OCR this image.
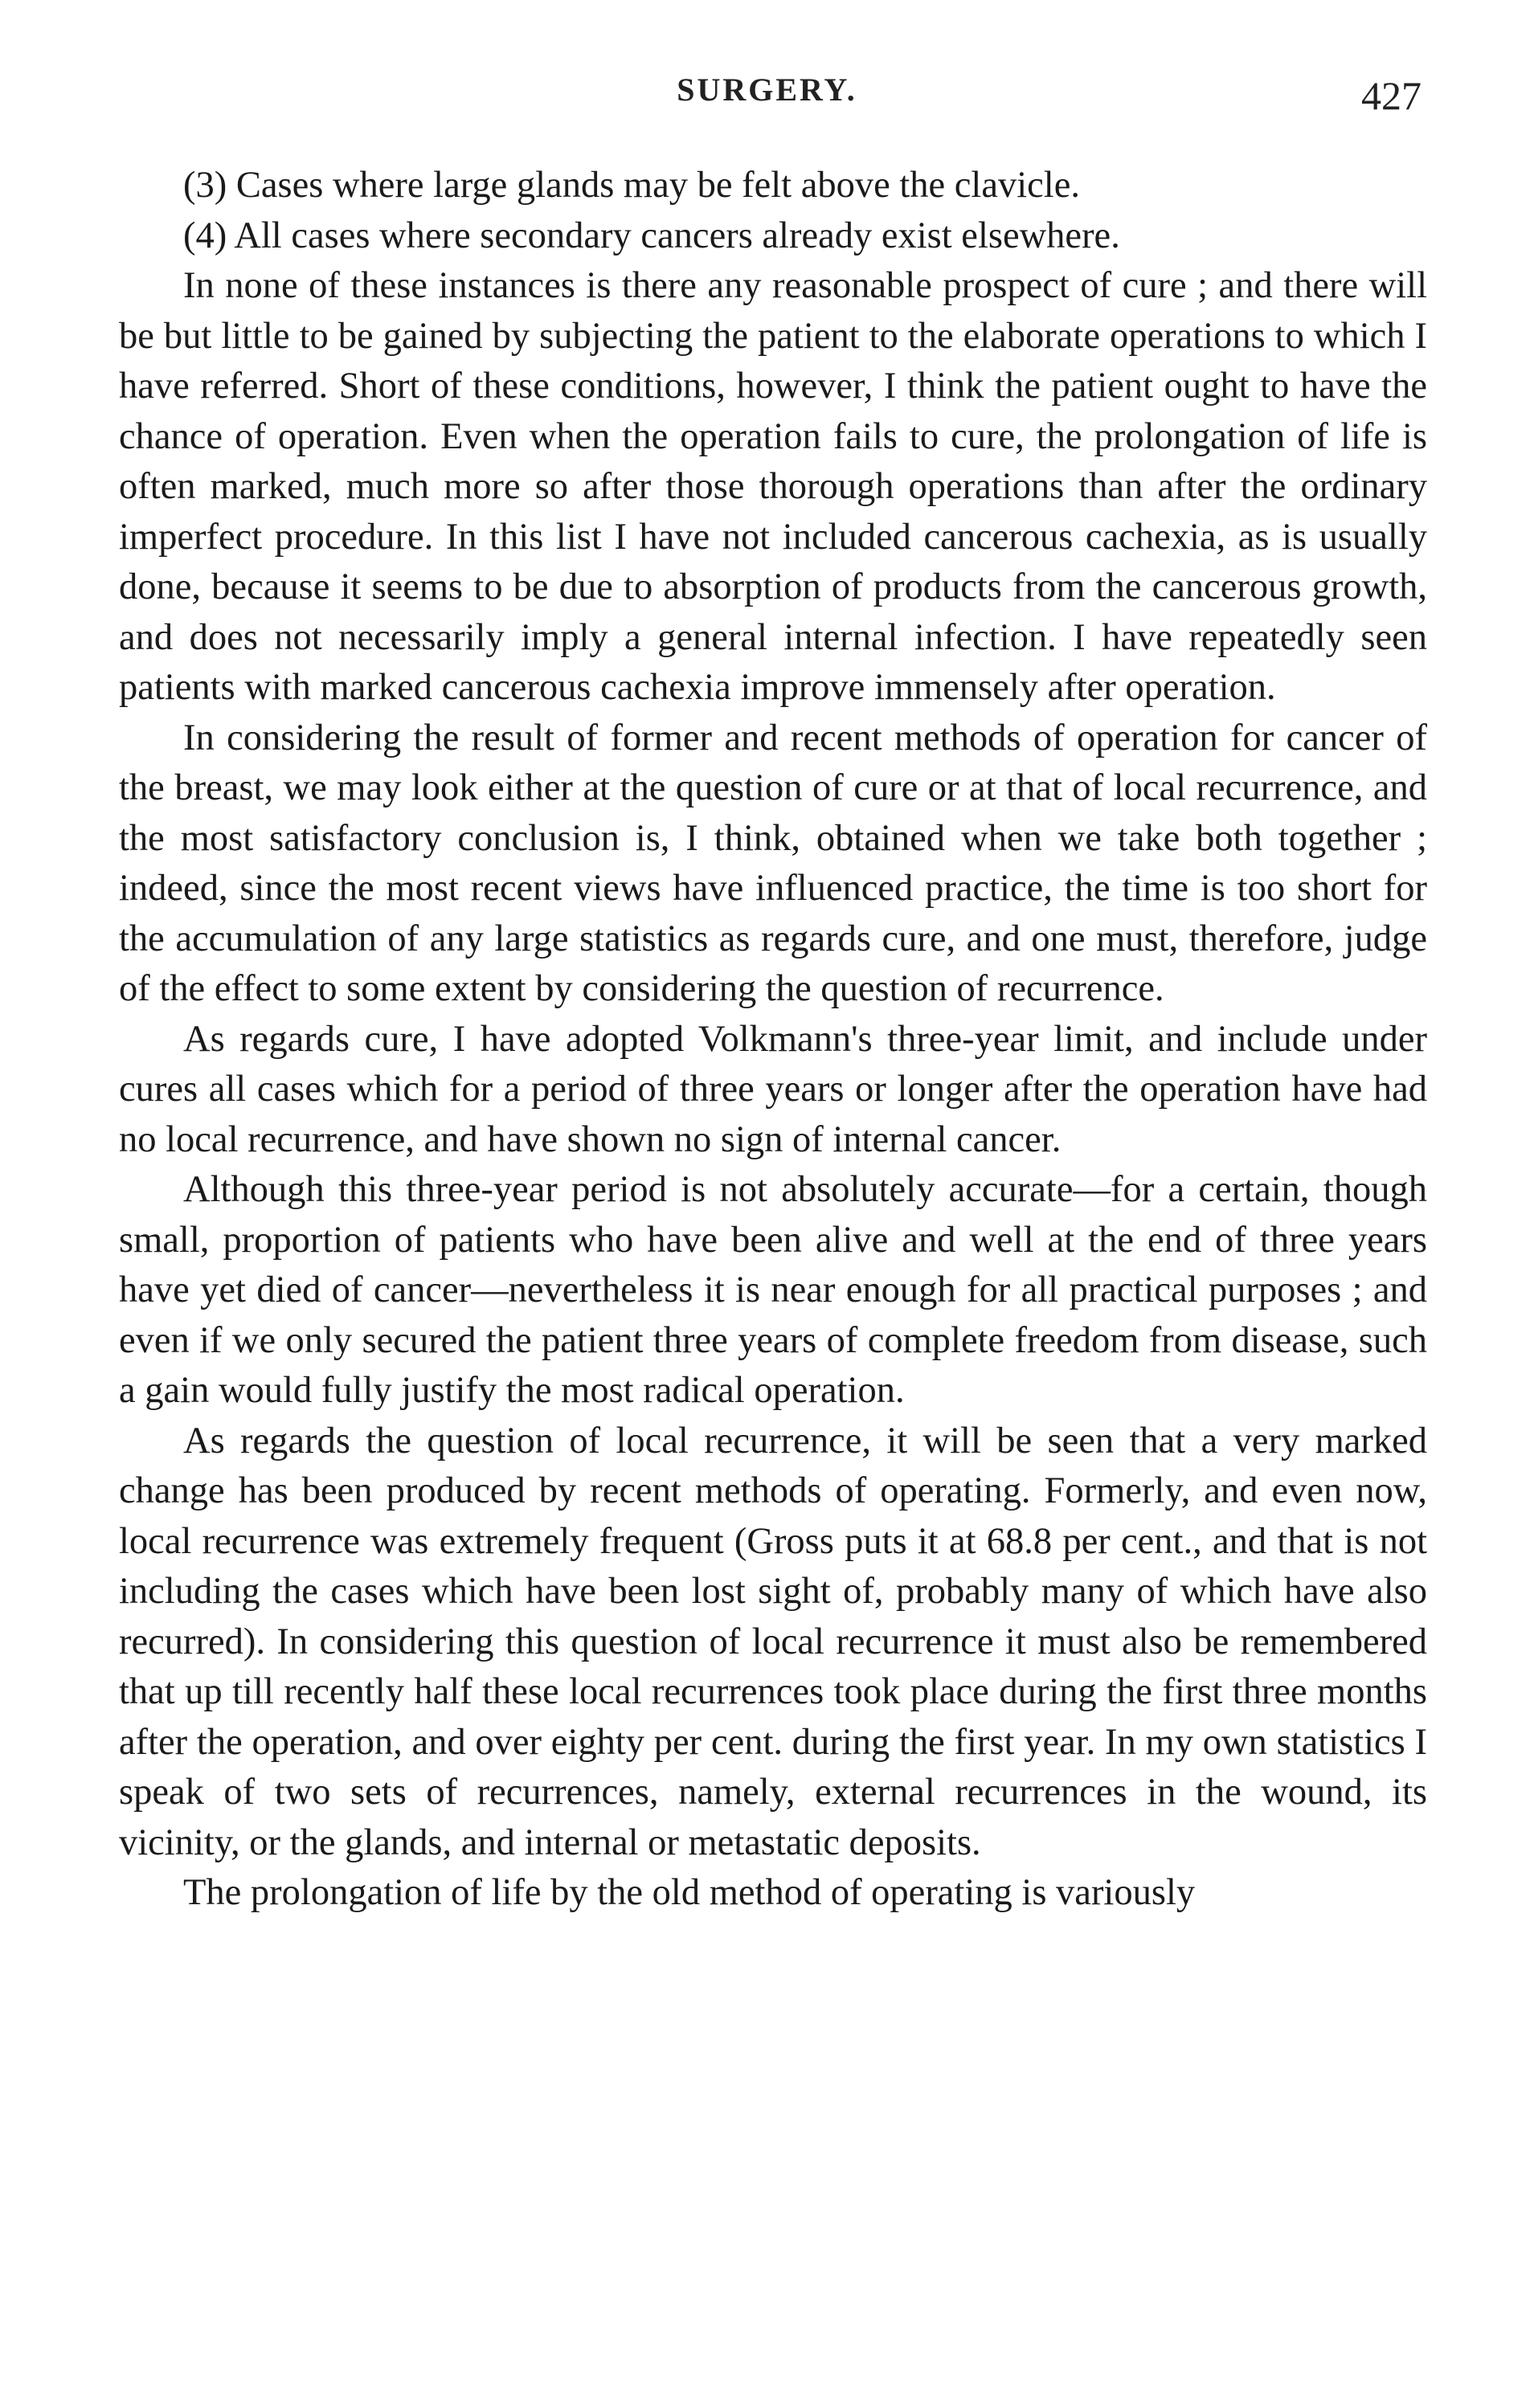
SURGERY.	427

(3) Cases where large glands may be felt above the clavicle.

(4) All cases where secondary cancers already exist elsewhere.

In none of these instances is there any reasonable prospect of cure ; and there will be but little to be gained by subjecting the patient to the elaborate operations to which I have referred. Short of these conditions, however, I think the patient ought to have the chance of operation. Even when the operation fails to cure, the prolongation of life is often marked, much more so after those thorough operations than after the ordinary imperfect procedure. In this list I have not included cancerous cachexia, as is usually done, because it seems to be due to absorption of products from the cancerous growth, and does not necessarily imply a general internal infection. I have repeatedly seen patients with marked cancerous cachexia improve immensely after operation.

In considering the result of former and recent methods of operation for cancer of the breast, we may look either at the question of cure or at that of local recurrence, and the most satisfactory conclusion is, I think, obtained when we take both together ; indeed, since the most recent views have influenced practice, the time is too short for the accumulation of any large statistics as regards cure, and one must, therefore, judge of the effect to some extent by considering the question of recurrence.

As regards cure, I have adopted Volkmann's three-year limit, and include under cures all cases which for a period of three years or longer after the operation have had no local recurrence, and have shown no sign of internal cancer.

Although this three-year period is not absolutely accurate—for a certain, though small, proportion of patients who have been alive and well at the end of three years have yet died of cancer—nevertheless it is near enough for all practical purposes ; and even if we only secured the patient three years of complete freedom from disease, such a gain would fully justify the most radical operation.

As regards the question of local recurrence, it will be seen that a very marked change has been produced by recent methods of operating. Formerly, and even now, local recurrence was extremely frequent (Gross puts it at 68.8 per cent., and that is not including the cases which have been lost sight of, probably many of which have also recurred). In considering this question of local recurrence it must also be remembered that up till recently half these local recurrences took place during the first three months after the operation, and over eighty per cent. during the first year. In my own statistics I speak of two sets of recurrences, namely, external recurrences in the wound, its vicinity, or the glands, and internal or metastatic deposits.

The prolongation of life by the old method of operating is variously
